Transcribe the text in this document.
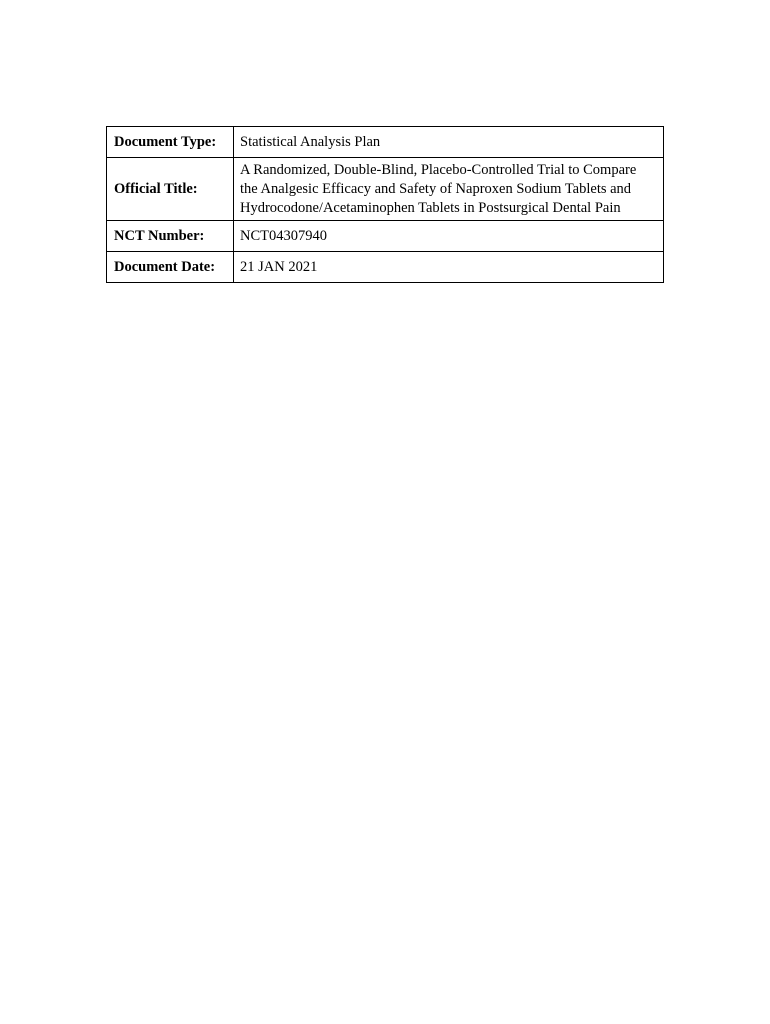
Document Type:	Statistical Analysis Plan
Official Title:	A Randomized, Double-Blind, Placebo-Controlled Trial to Compare the Analgesic Efficacy and Safety of Naproxen Sodium Tablets and Hydrocodone/Acetaminophen Tablets in Postsurgical Dental Pain
NCT Number:	NCT04307940
Document Date:	21 JAN 2021
